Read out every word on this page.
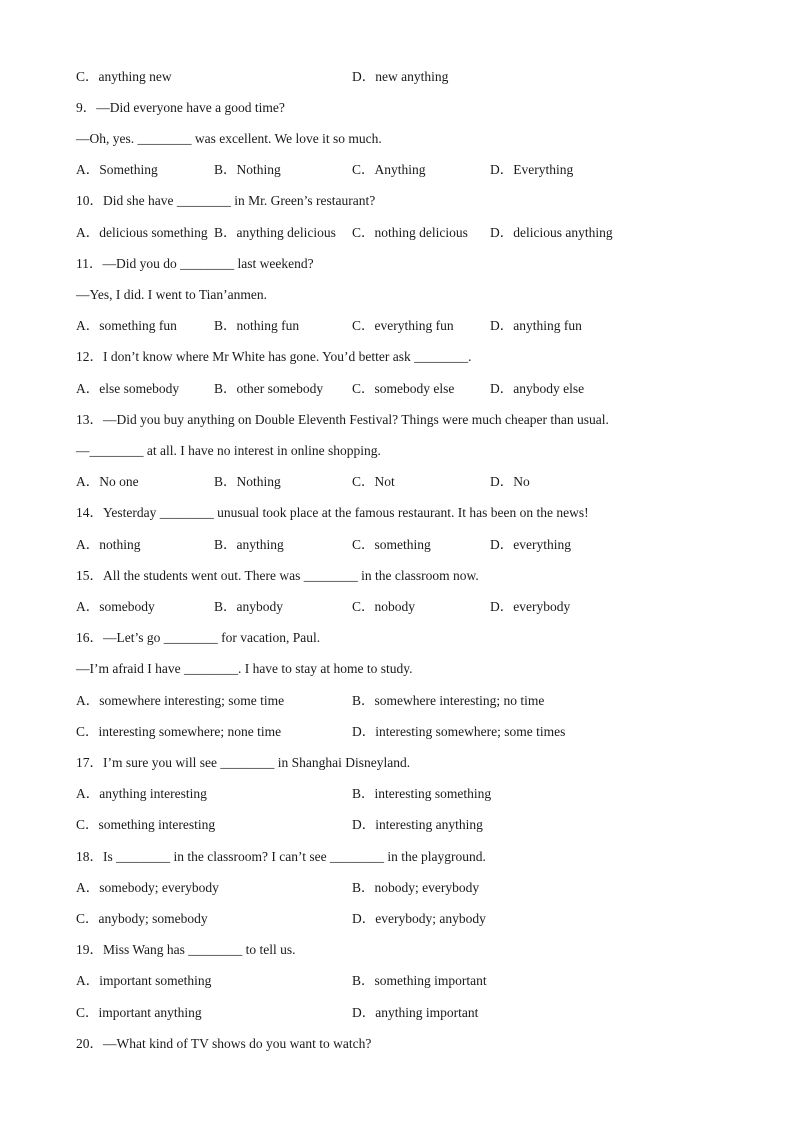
C．anything new	D．new anything
9．—Did everyone have a good time?
—Oh, yes. ________ was excellent. We love it so much.
A．Something	B．Nothing	C．Anything	D．Everything
10．Did she have ________ in Mr. Green’s restaurant?
A．delicious something B．anything delicious C．nothing delicious D．delicious anything
11．—Did you do ________ last weekend?
—Yes, I did. I went to Tian’anmen.
A．something fun	B．nothing fun	C．everything fun	D．anything fun
12．I don’t know where Mr White has gone. You’d better ask ________.
A．else somebody	B．other somebody C．somebody else	D．anybody else
13．—Did you buy anything on Double Eleventh Festival? Things were much cheaper than usual.
—________ at all. I have no interest in online shopping.
A．No one	B．Nothing	C．Not	D．No
14．Yesterday ________ unusual took place at the famous restaurant. It has been on the news!
A．nothing	B．anything	C．something	D．everything
15．All the students went out. There was ________ in the classroom now.
A．somebody	B．anybody	C．nobody	D．everybody
16．—Let’s go ________ for vacation, Paul.
—I’m afraid I have ________. I have to stay at home to study.
A．somewhere interesting; some time	B．somewhere interesting; no time
C．interesting somewhere; none time	D．interesting somewhere; some times
17．I’m sure you will see ________ in Shanghai Disneyland.
A．anything interesting	B．interesting something
C．something interesting	D．interesting anything
18．Is ________ in the classroom? I can’t see ________ in the playground.
A．somebody; everybody	B．nobody; everybody
C．anybody; somebody	D．everybody; anybody
19．Miss Wang has ________ to tell us.
A．important something	B．something important
C．important anything	D．anything important
20．—What kind of TV shows do you want to watch?
